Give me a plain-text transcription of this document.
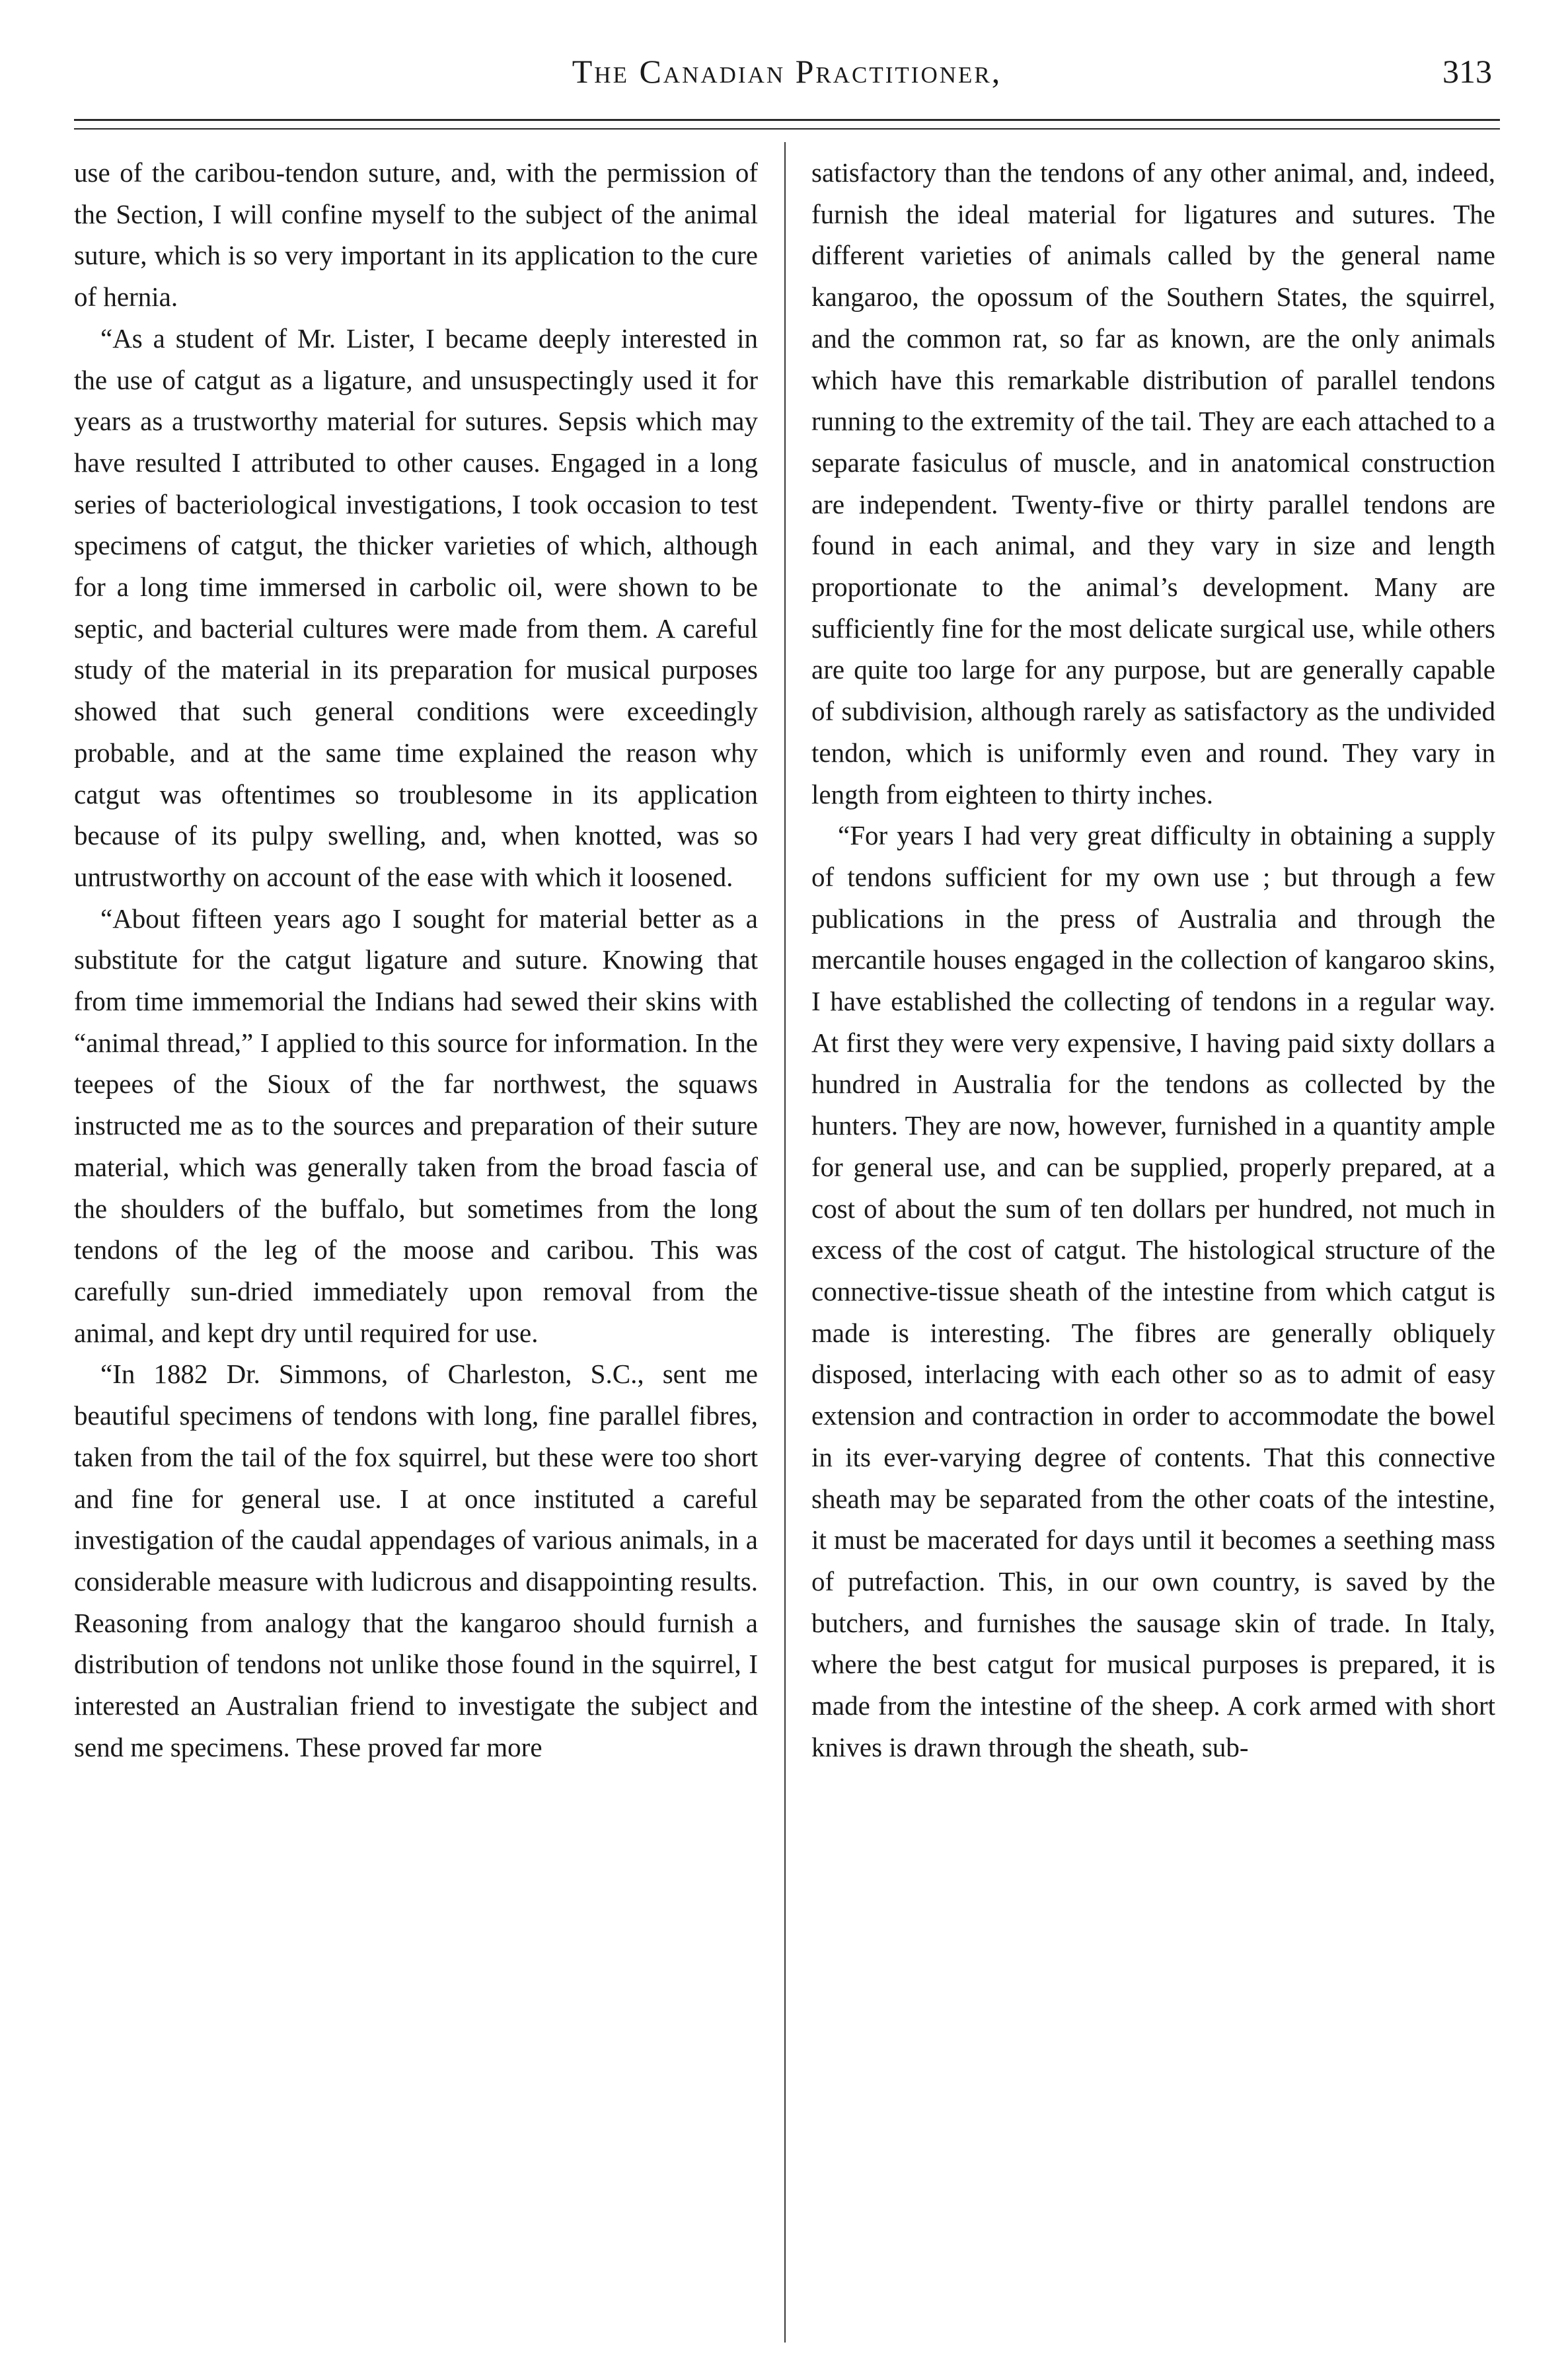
The Canadian Practitioner,	313

use of the caribou-tendon suture, and, with the permission of the Section, I will confine myself to the subject of the animal suture, which is so very important in its application to the cure of hernia.

“As a student of Mr. Lister, I became deeply interested in the use of catgut as a ligature, and unsuspectingly used it for years as a trustworthy material for sutures. Sepsis which may have resulted I attributed to other causes. Engaged in a long series of bacteriological investigations, I took occasion to test specimens of catgut, the thicker varieties of which, although for a long time immersed in carbolic oil, were shown to be septic, and bacterial cultures were made from them. A careful study of the material in its preparation for musical purposes showed that such general conditions were exceedingly probable, and at the same time explained the reason why catgut was oftentimes so troublesome in its application because of its pulpy swelling, and, when knotted, was so untrustworthy on account of the ease with which it loosened.

“About fifteen years ago I sought for material better as a substitute for the catgut ligature and suture. Knowing that from time immemorial the Indians had sewed their skins with “animal thread,” I applied to this source for information. In the teepees of the Sioux of the far northwest, the squaws instructed me as to the sources and preparation of their suture material, which was generally taken from the broad fascia of the shoulders of the buffalo, but sometimes from the long tendons of the leg of the moose and caribou. This was carefully sun-dried immediately upon removal from the animal, and kept dry until required for use.

“In 1882 Dr. Simmons, of Charleston, S.C., sent me beautiful specimens of tendons with long, fine parallel fibres, taken from the tail of the fox squirrel, but these were too short and fine for general use. I at once instituted a careful investigation of the caudal appendages of various animals, in a considerable measure with ludicrous and disappointing results. Reasoning from analogy that the kangaroo should furnish a distribution of tendons not unlike those found in the squirrel, I interested an Australian friend to investigate the subject and send me specimens. These proved far more

satisfactory than the tendons of any other animal, and, indeed, furnish the ideal material for ligatures and sutures. The different varieties of animals called by the general name kangaroo, the opossum of the Southern States, the squirrel, and the common rat, so far as known, are the only animals which have this remarkable distribution of parallel tendons running to the extremity of the tail. They are each attached to a separate fasiculus of muscle, and in anatomical construction are independent. Twenty-five or thirty parallel tendons are found in each animal, and they vary in size and length proportionate to the animal’s development. Many are sufficiently fine for the most delicate surgical use, while others are quite too large for any purpose, but are generally capable of subdivision, although rarely as satisfactory as the undivided tendon, which is uniformly even and round. They vary in length from eighteen to thirty inches.

“For years I had very great difficulty in obtaining a supply of tendons sufficient for my own use ; but through a few publications in the press of Australia and through the mercantile houses engaged in the collection of kangaroo skins, I have established the collecting of tendons in a regular way. At first they were very expensive, I having paid sixty dollars a hundred in Australia for the tendons as collected by the hunters. They are now, however, furnished in a quantity ample for general use, and can be supplied, properly prepared, at a cost of about the sum of ten dollars per hundred, not much in excess of the cost of catgut. The histological structure of the connective-tissue sheath of the intestine from which catgut is made is interesting. The fibres are generally obliquely disposed, interlacing with each other so as to admit of easy extension and contraction in order to accommodate the bowel in its ever-varying degree of contents. That this connective sheath may be separated from the other coats of the intestine, it must be macerated for days until it becomes a seething mass of putrefaction. This, in our own country, is saved by the butchers, and furnishes the sausage skin of trade. In Italy, where the best catgut for musical purposes is prepared, it is made from the intestine of the sheep. A cork armed with short knives is drawn through the sheath, sub-
